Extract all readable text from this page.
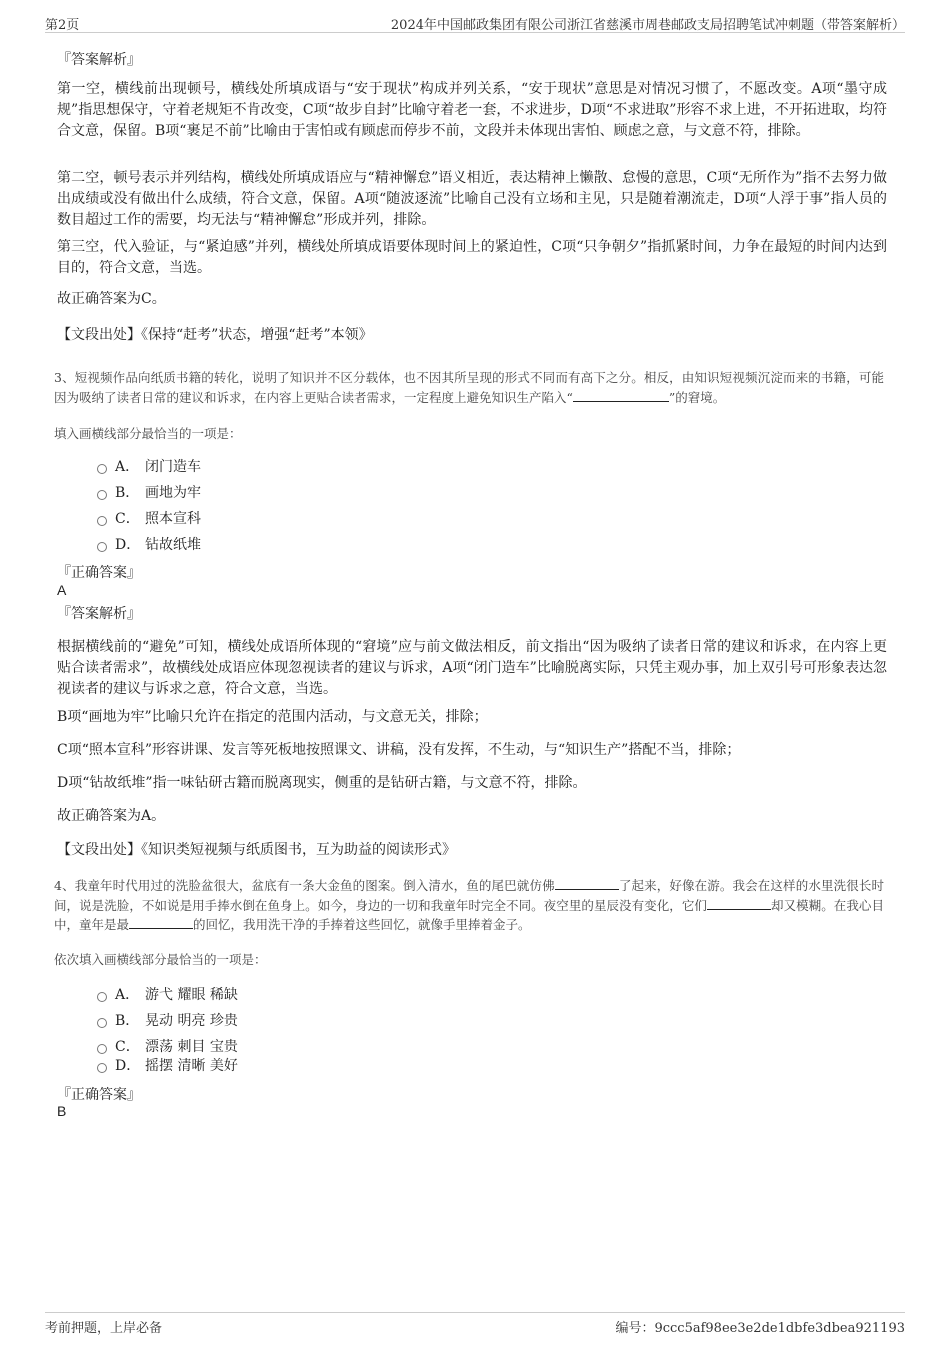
第2页	2024年中国邮政集团有限公司浙江省慈溪市周巷邮政支局招聘笔试冲刺题（带答案解析）
『答案解析』
第一空，横线前出现顿号，横线处所填成语与“安于现状”构成并列关系，“安于现状”意思是对情况习惯了，不愿改变。A项“墨守成规”指思想保守，守着老规矩不肯改变，C项“故步自封”比喻守着老一套，不求进步，D项“不求进取”形容不求上进，不开拓进取，均符合文意，保留。B项“裹足不前”比喻由于害怕或有顾虑而停步不前，文段并未体现出害怕、顾虑之意，与文意不符，排除。
第二空，顿号表示并列结构，横线处所填成语应与“精神懈怠”语义相近，表达精神上懒散、怠慢的意思，C项“无所作为”指不去努力做出成绩或没有做出什么成绩，符合文意，保留。A项“随波逐流”比喻自己没有立场和主见，只是随着潮流走，D项“人浮于事”指人员的数目超过工作的需要，均无法与“精神懈怠”形成并列，排除。
第三空，代入验证，与“紧迫感”并列，横线处所填成语要体现时间上的紧迫性，C项“只争朝夕”指抓紧时间，力争在最短的时间内达到目的，符合文意，当选。
故正确答案为C。
【文段出处】《保持“赶考”状态，增强“赶考”本领》
3、短视频作品向纸质书籍的转化，说明了知识并不区分载体，也不因其所呈现的形式不同而有高下之分。相反，由知识短视频沉淀而来的书籍，可能因为吸纳了读者日常的建议和诉求，在内容上更贴合读者需求，一定程度上避免知识生产陷入“	”的窘境。
填入画横线部分最恰当的一项是：
A． 闭门造车
B． 画地为牢
C． 照本宣科
D． 钻故纸堆
『正确答案』
A
『答案解析』
根据横线前的“避免”可知，横线处成语所体现的“窘境”应与前文做法相反，前文指出“因为吸纳了读者日常的建议和诉求，在内容上更贴合读者需求”，故横线处成语应体现忽视读者的建议与诉求，A项“闭门造车”比喻脱离实际，只凭主观办事，加上双引号可形象表达忽视读者的建议与诉求之意，符合文意，当选。
B项“画地为牢”比喻只允许在指定的范围内活动，与文意无关，排除；
C项“照本宣科”形容讲课、发言等死板地按照课文、讲稿，没有发挥，不生动，与“知识生产”搭配不当，排除；
D项“钻故纸堆”指一味钻研古籍而脱离现实，侧重的是钻研古籍，与文意不符，排除。
故正确答案为A。
【文段出处】《知识类短视频与纸质图书，互为助益的阅读形式》
4、我童年时代用过的洗脸盆很大，盆底有一条大金鱼的图案。倒入清水，鱼的尾巴就仿佛	了起来，好像在游。我会在这样的水里洗很长时间，说是洗脸，不如说是用手捧水倒在鱼身上。如今，身边的一切和我童年时完全不同。夜空里的星辰没有变化，它们	却又模糊。在我心目中，童年是最	的回忆，我用洗干净的手捧着这些回忆，就像手里捧着金子。
依次填入画横线部分最恰当的一项是：
A． 游弋 耀眼 稀缺
B． 晃动 明亮 珍贵
C． 漂荡 刺目 宝贵
D． 摇摆 清晰 美好
『正确答案』
B
考前押题，上岸必备	编号：9ccc5af98ee3e2de1dbfe3dbea921193
